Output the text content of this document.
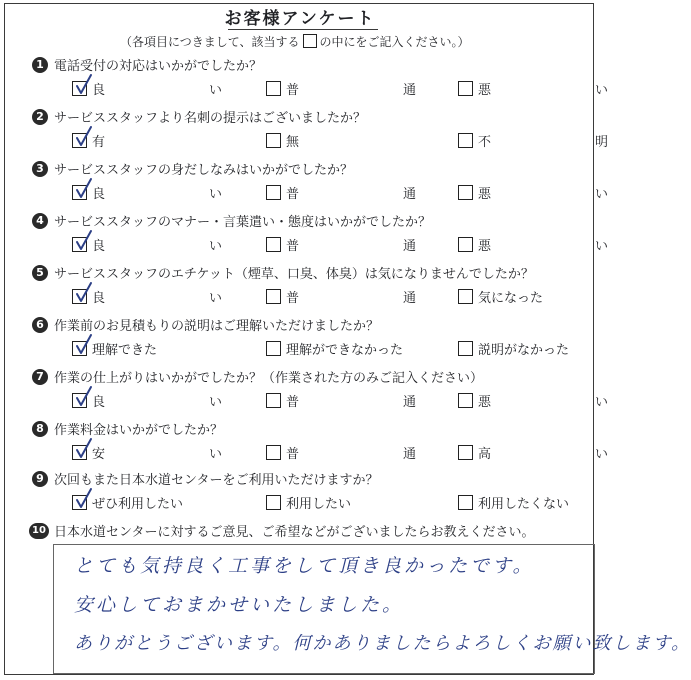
お客様アンケート
（各項目につきまして、該当する の中にをご記入ください。）
1 電話受付の対応はいかがでしたか？
良	い	普	通	悪	い
2 サービススタッフより名刺の提示はございましたか？
有	無	不	明
3 サービススタッフの身だしなみはいかがでしたか？
良	い	普	通	悪	い
4 サービススタッフのマナー・言葉遣い・態度はいかがでしたか？
良	い	普	通	悪	い
5 サービススタッフのエチケット（煙草、口臭、体臭）は気になりませんでしたか？
良	い	普	通	気になった
6 作業前のお見積もりの説明はご理解いただけましたか？
理解できた	理解ができなかった	説明がなかった
7 作業の仕上がりはいかがでしたか？（作業された方のみご記入ください）
良	い	普	通	悪	い
8 作業料金はいかがでしたか？
安	い	普	通	高	い
9 次回もまた日本水道センターをご利用いただけますか？
ぜひ利用したい	利用したい	利用したくない
10 日本水道センターに対するご意見、ご希望などがございましたらお教えください。
とても気持良く工事をして頂き良かったです。
安心しておまかせいたしました。
ありがとうございます。何かありましたらよろしくお願い致します。
